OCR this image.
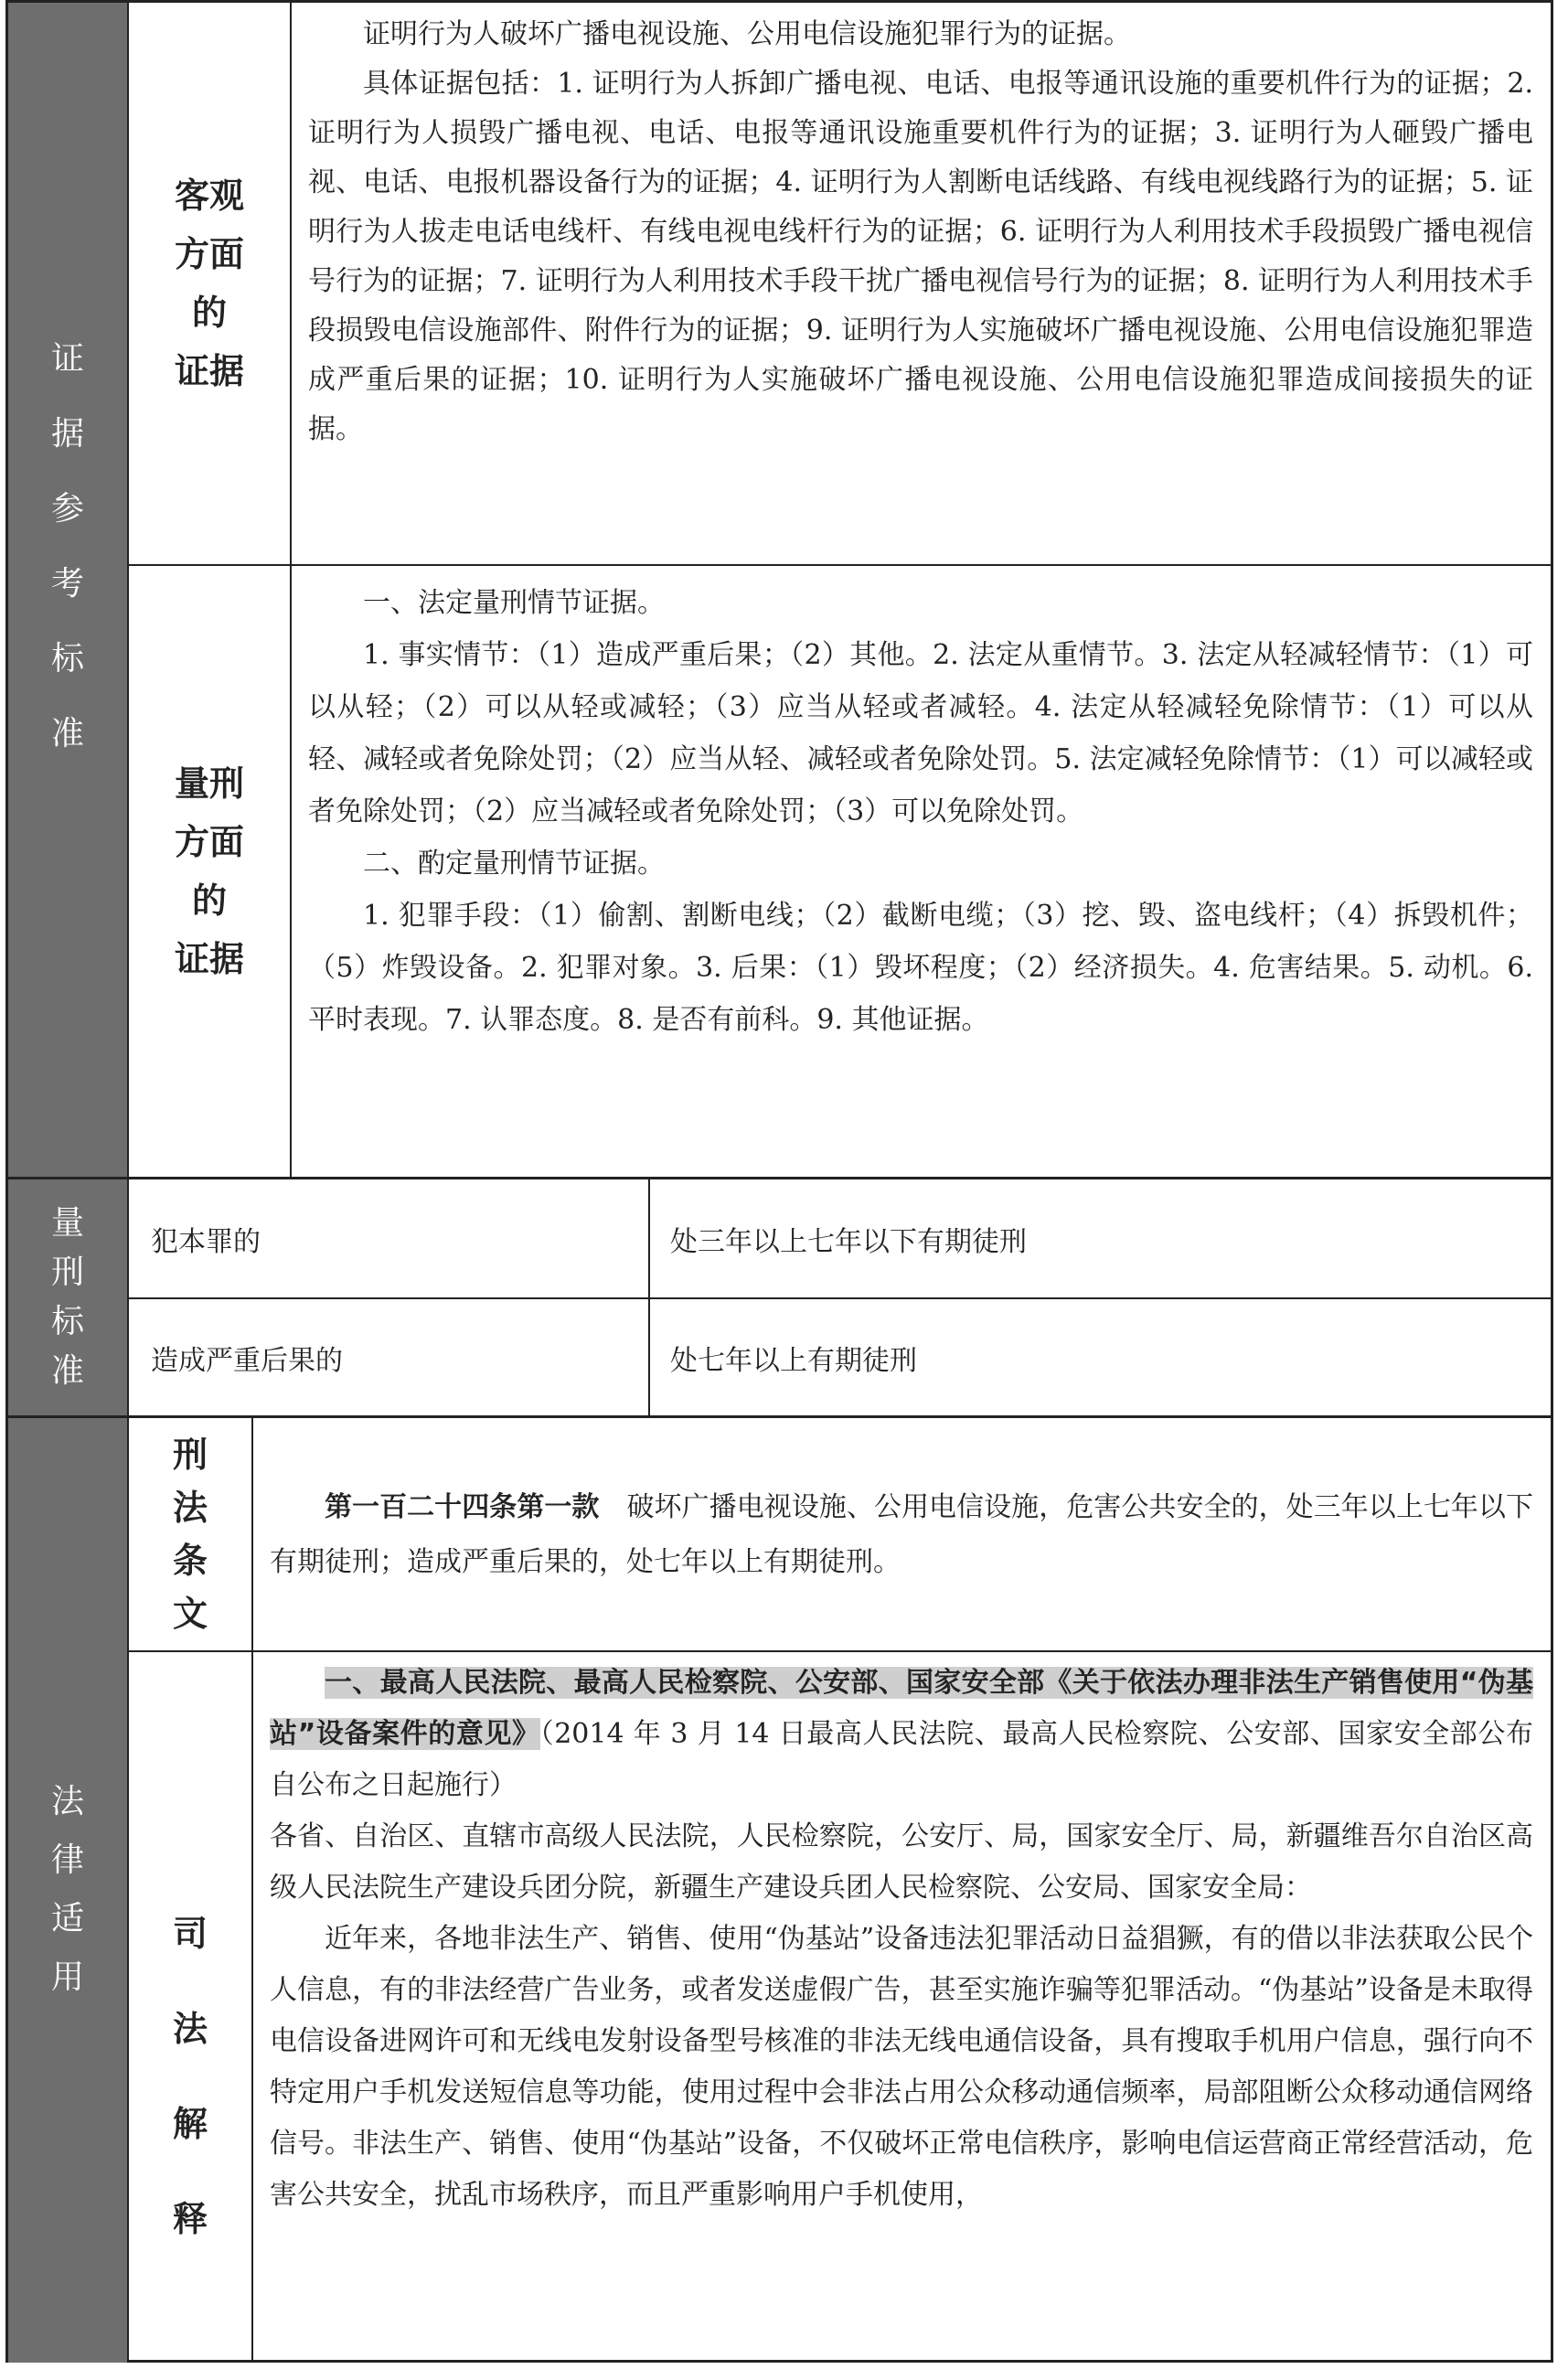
证
据
参
考
标
准
客观
方面
的
证据

证明行为人破坏广播电视设施、公用电信设施犯罪行为的证据。

具体证据包括：1. 证明行为人拆卸广播电视、电话、电报等通讯设施的重要机件行为的证据；2. 证明行为人损毁广播电视、电话、电报等通讯设施重要机件行为的证据；3. 证明行为人砸毁广播电视、电话、电报机器设备行为的证据；4. 证明行为人割断电话线路、有线电视线路行为的证据；5. 证明行为人拔走电话电线杆、有线电视电线杆行为的证据；6. 证明行为人利用技术手段损毁广播电视信号行为的证据；7. 证明行为人利用技术手段干扰广播电视信号行为的证据；8. 证明行为人利用技术手段损毁电信设施部件、附件行为的证据；9. 证明行为人实施破坏广播电视设施、公用电信设施犯罪造成严重后果的证据；10. 证明行为人实施破坏广播电视设施、公用电信设施犯罪造成间接损失的证据。

量刑
方面
的
证据

一、法定量刑情节证据。

1. 事实情节：（1）造成严重后果；（2）其他。2. 法定从重情节。3. 法定从轻减轻情节：（1）可以从轻；（2）可以从轻或减轻；（3）应当从轻或者减轻。4. 法定从轻减轻免除情节：（1）可以从轻、减轻或者免除处罚；（2）应当从轻、减轻或者免除处罚。5. 法定减轻免除情节：（1）可以减轻或者免除处罚；（2）应当减轻或者免除处罚；（3）可以免除处罚。

二、酌定量刑情节证据。

1. 犯罪手段：（1）偷割、割断电线；（2）截断电缆；（3）挖、毁、盗电线杆；（4）拆毁机件；（5）炸毁设备。2. 犯罪对象。3. 后果：（1）毁坏程度；（2）经济损失。4. 危害结果。5. 动机。6. 平时表现。7. 认罪态度。8. 是否有前科。9. 其他证据。

量
刑
标
准
犯本罪的	处三年以上七年以下有期徒刑
造成严重后果的	处七年以上有期徒刑
法
律
适
用
刑
法
条
文

第一百二十四条第一款　 破坏广播电视设施、公用电信设施，危害公共安全的，处三年以上七年以下有期徒刑；造成严重后果的，处七年以上有期徒刑。

司
法
解
释

一、最高人民法院、最高人民检察院、公安部、国家安全部《关于依法办理非法生产销售使用“伪基站”设备案件的意见》（2014 年 3 月 14 日最高人民法院、最高人民检察院、公安部、国家安全部公布　自公布之日起施行）

各省、自治区、直辖市高级人民法院，人民检察院，公安厅、局，国家安全厅、局，新疆维吾尔自治区高级人民法院生产建设兵团分院，新疆生产建设兵团人民检察院、公安局、国家安全局：

近年来，各地非法生产、销售、使用“伪基站”设备违法犯罪活动日益猖獗，有的借以非法获取公民个人信息，有的非法经营广告业务，或者发送虚假广告，甚至实施诈骗等犯罪活动。“伪基站”设备是未取得电信设备进网许可和无线电发射设备型号核准的非法无线电通信设备，具有搜取手机用户信息，强行向不特定用户手机发送短信息等功能，使用过程中会非法占用公众移动通信频率，局部阻断公众移动通信网络信号。非法生产、销售、使用“伪基站”设备，不仅破坏正常电信秩序，影响电信运营商正常经营活动，危害公共安全，扰乱市场秩序，而且严重影响用户手机使用，
